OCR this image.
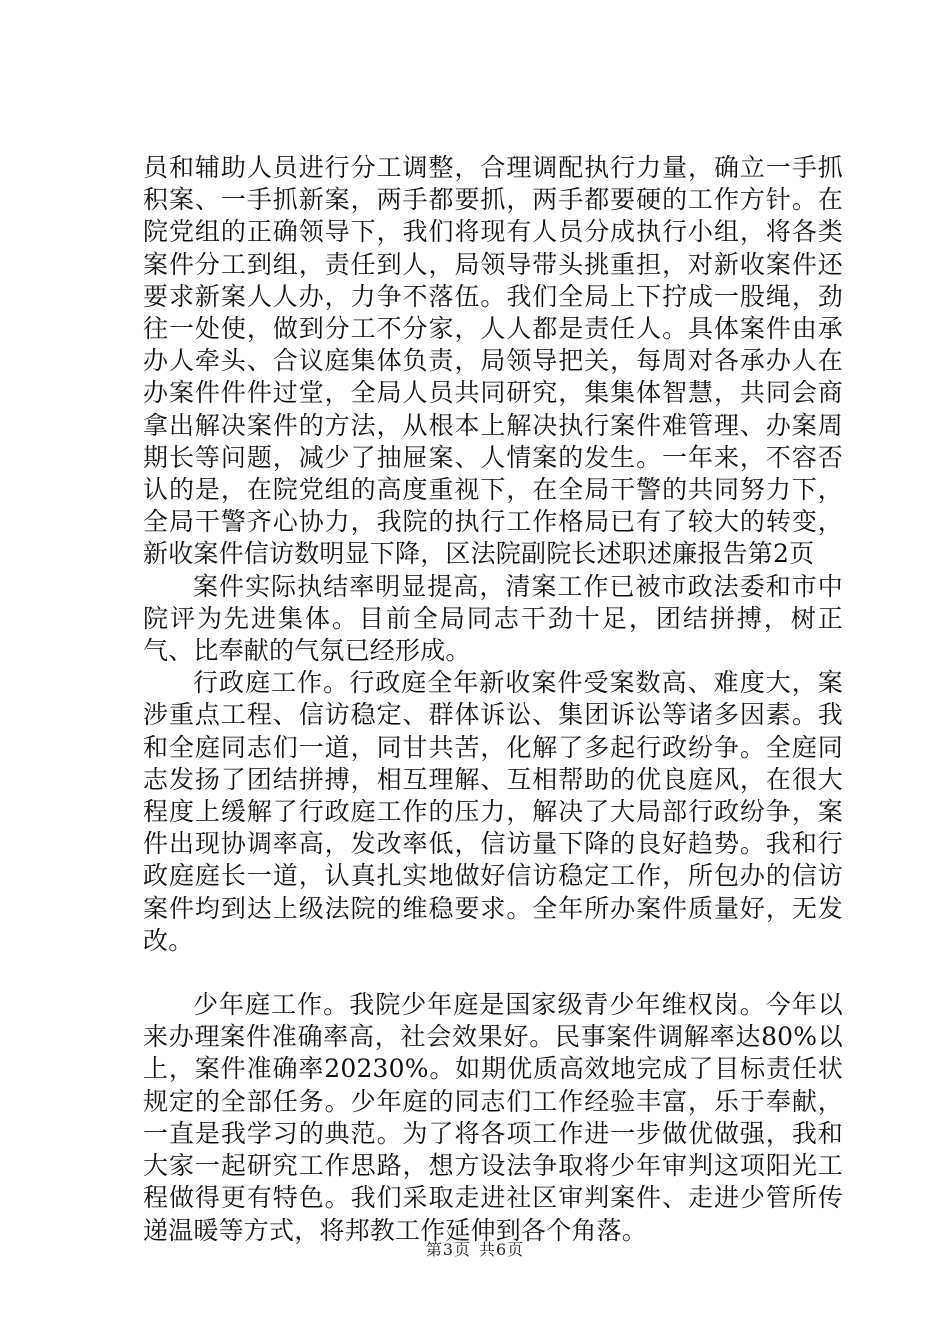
员和辅助人员进行分工调整，合理调配执行力量，确立一手抓积案、一手抓新案，两手都要抓，两手都要硬的工作方针。在院党组的正确领导下，我们将现有人员分成执行小组，将各类案件分工到组，责任到人，局领导带头挑重担，对新收案件还要求新案人人办，力争不落伍。我们全局上下拧成一股绳，劲往一处使，做到分工不分家，人人都是责任人。具体案件由承办人牵头、合议庭集体负责，局领导把关，每周对各承办人在办案件件件过堂，全局人员共同研究，集集体智慧，共同会商拿出解决案件的方法，从根本上解决执行案件难管理、办案周期长等问题，减少了抽屉案、人情案的发生。一年来，不容否认的是，在院党组的高度重视下，在全局干警的共同努力下，全局干警齐心协力，我院的执行工作格局已有了较大的转变，新收案件信访数明显下降，区法院副院长述职述廉报告第2页

案件实际执结率明显提高，清案工作已被市政法委和市中院评为先进集体。目前全局同志干劲十足，团结拼搏，树正气、比奉献的气氛已经形成。

行政庭工作。行政庭全年新收案件受案数高、难度大，案涉重点工程、信访稳定、群体诉讼、集团诉讼等诸多因素。我和全庭同志们一道，同甘共苦，化解了多起行政纷争。全庭同志发扬了团结拼搏，相互理解、互相帮助的优良庭风，在很大程度上缓解了行政庭工作的压力，解决了大局部行政纷争，案件出现协调率高，发改率低，信访量下降的良好趋势。我和行政庭庭长一道，认真扎实地做好信访稳定工作，所包办的信访案件均到达上级法院的维稳要求。全年所办案件质量好，无发改。

少年庭工作。我院少年庭是国家级青少年维权岗。今年以来办理案件准确率高，社会效果好。民事案件调解率达80%以上，案件准确率20230%。如期优质高效地完成了目标责任状规定的全部任务。少年庭的同志们工作经验丰富，乐于奉献，一直是我学习的典范。为了将各项工作进一步做优做强，我和大家一起研究工作思路，想方设法争取将少年审判这项阳光工程做得更有特色。我们采取走进社区审判案件、走进少管所传递温暖等方式，将邦教工作延伸到各个角落。

第3页 共6页
